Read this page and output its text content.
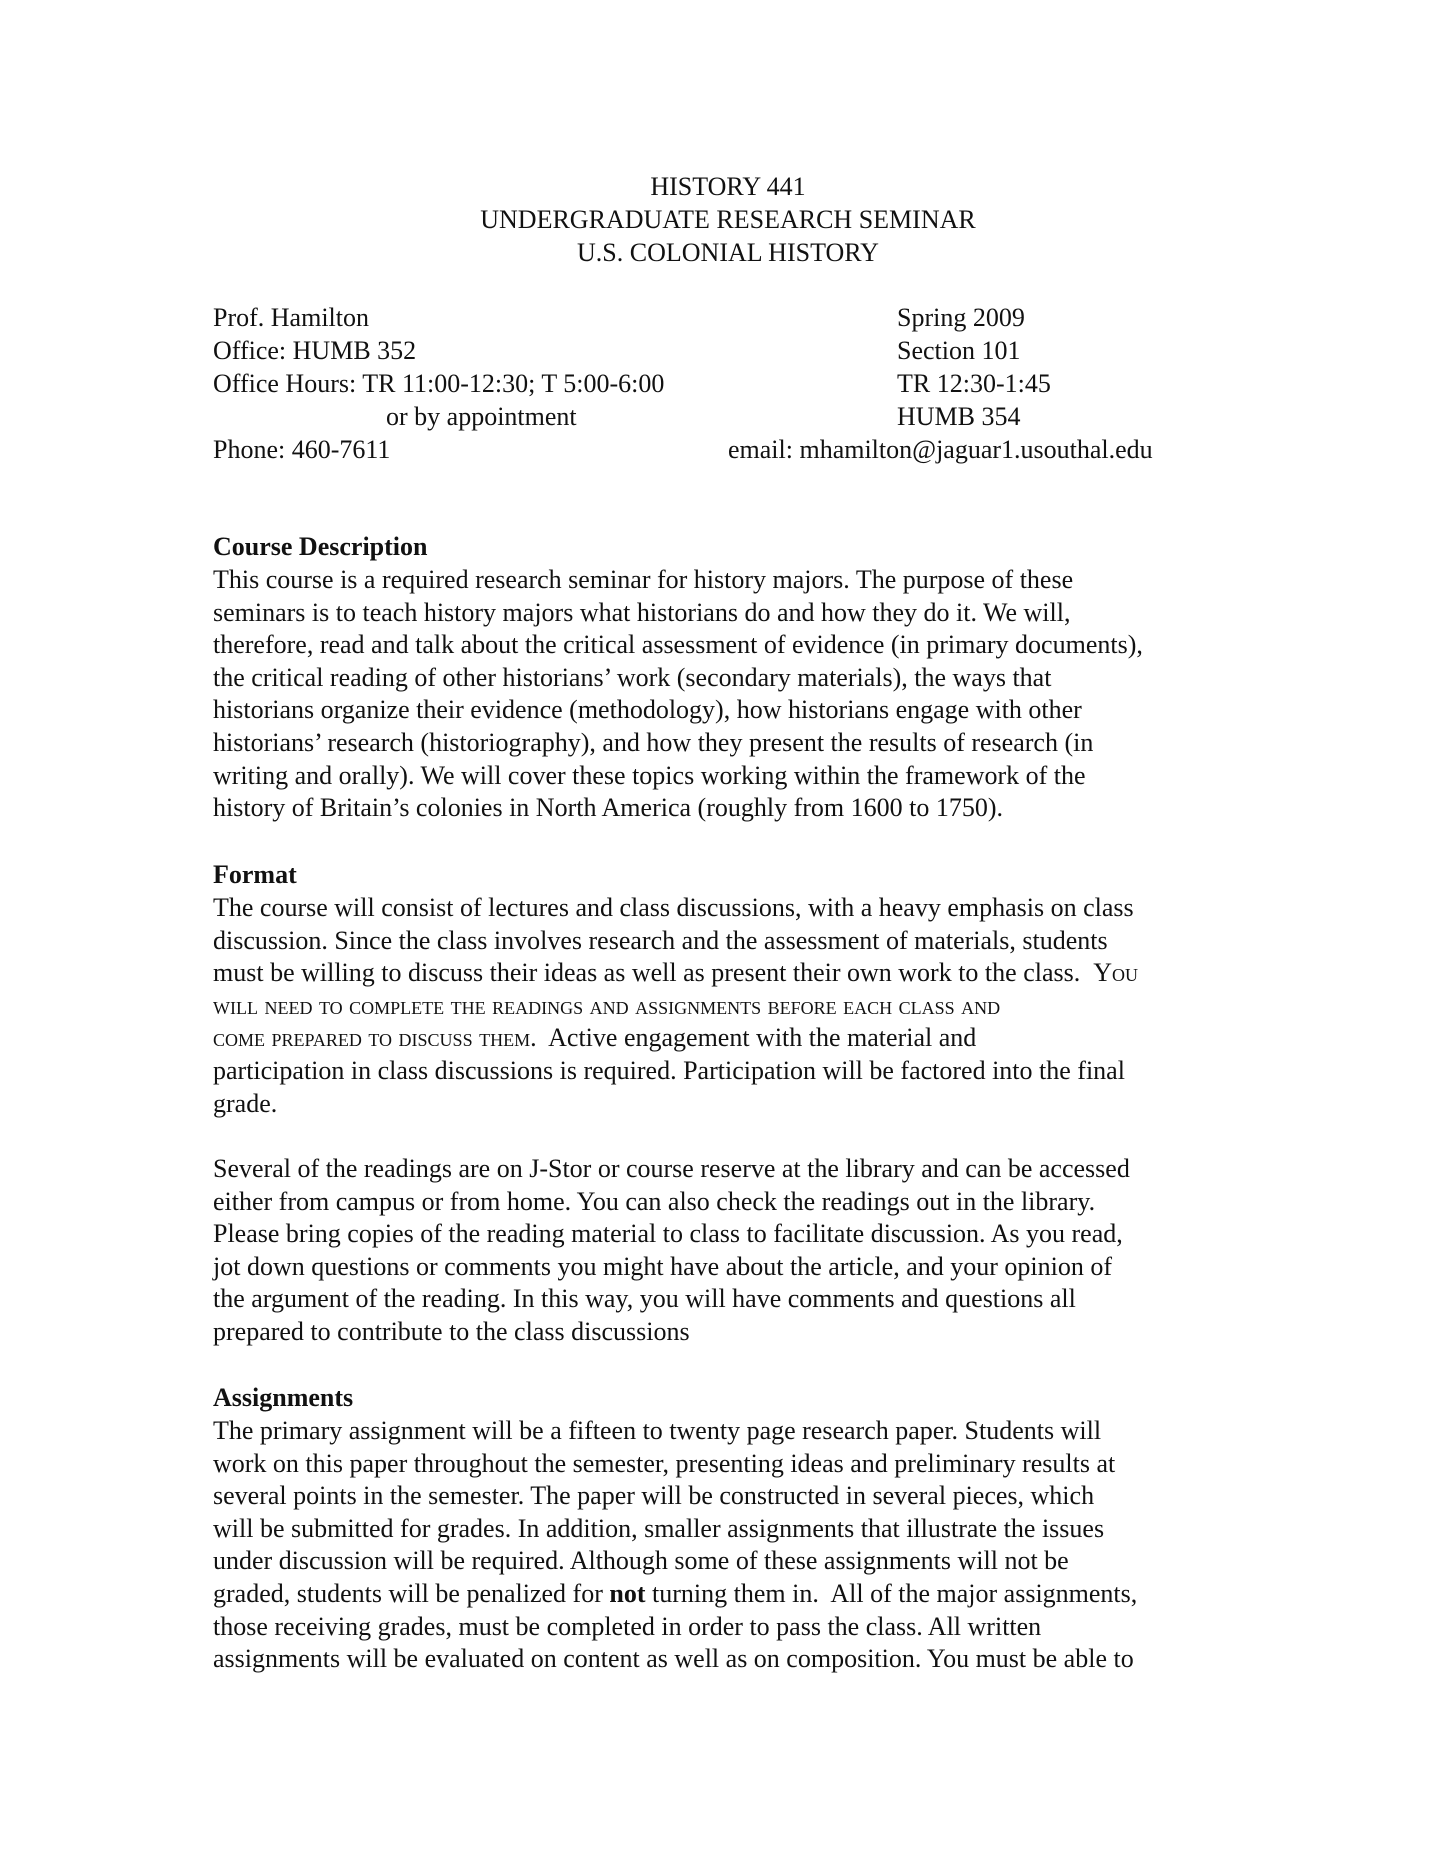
HISTORY 441
UNDERGRADUATE RESEARCH SEMINAR
U.S. COLONIAL HISTORY
Prof. Hamilton
Office: HUMB 352
Office Hours: TR 11:00-12:30; T 5:00-6:00
or by appointment
Phone: 460-7611
Spring 2009
Section 101
TR 12:30-1:45
HUMB 354
email: mhamilton@jaguar1.usouthal.edu
Course Description
This course is a required research seminar for history majors. The purpose of these
seminars is to teach history majors what historians do and how they do it. We will,
therefore, read and talk about the critical assessment of evidence (in primary documents),
the critical reading of other historians’ work (secondary materials), the ways that
historians organize their evidence (methodology), how historians engage with other
historians’ research (historiography), and how they present the results of research (in
writing and orally). We will cover these topics working within the framework of the
history of Britain’s colonies in North America (roughly from 1600 to 1750).
Format
The course will consist of lectures and class discussions, with a heavy emphasis on class
discussion. Since the class involves research and the assessment of materials, students
must be willing to discuss their ideas as well as present their own work to the class.  You
will need to complete the readings and assignments before each class and
come prepared to discuss them.  Active engagement with the material and
participation in class discussions is required. Participation will be factored into the final
grade.
Several of the readings are on J-Stor or course reserve at the library and can be accessed
either from campus or from home. You can also check the readings out in the library.
Please bring copies of the reading material to class to facilitate discussion. As you read,
jot down questions or comments you might have about the article, and your opinion of
the argument of the reading. In this way, you will have comments and questions all
prepared to contribute to the class discussions
Assignments
The primary assignment will be a fifteen to twenty page research paper. Students will
work on this paper throughout the semester, presenting ideas and preliminary results at
several points in the semester. The paper will be constructed in several pieces, which
will be submitted for grades. In addition, smaller assignments that illustrate the issues
under discussion will be required. Although some of these assignments will not be
graded, students will be penalized for not turning them in.  All of the major assignments,
those receiving grades, must be completed in order to pass the class. All written
assignments will be evaluated on content as well as on composition. You must be able to
